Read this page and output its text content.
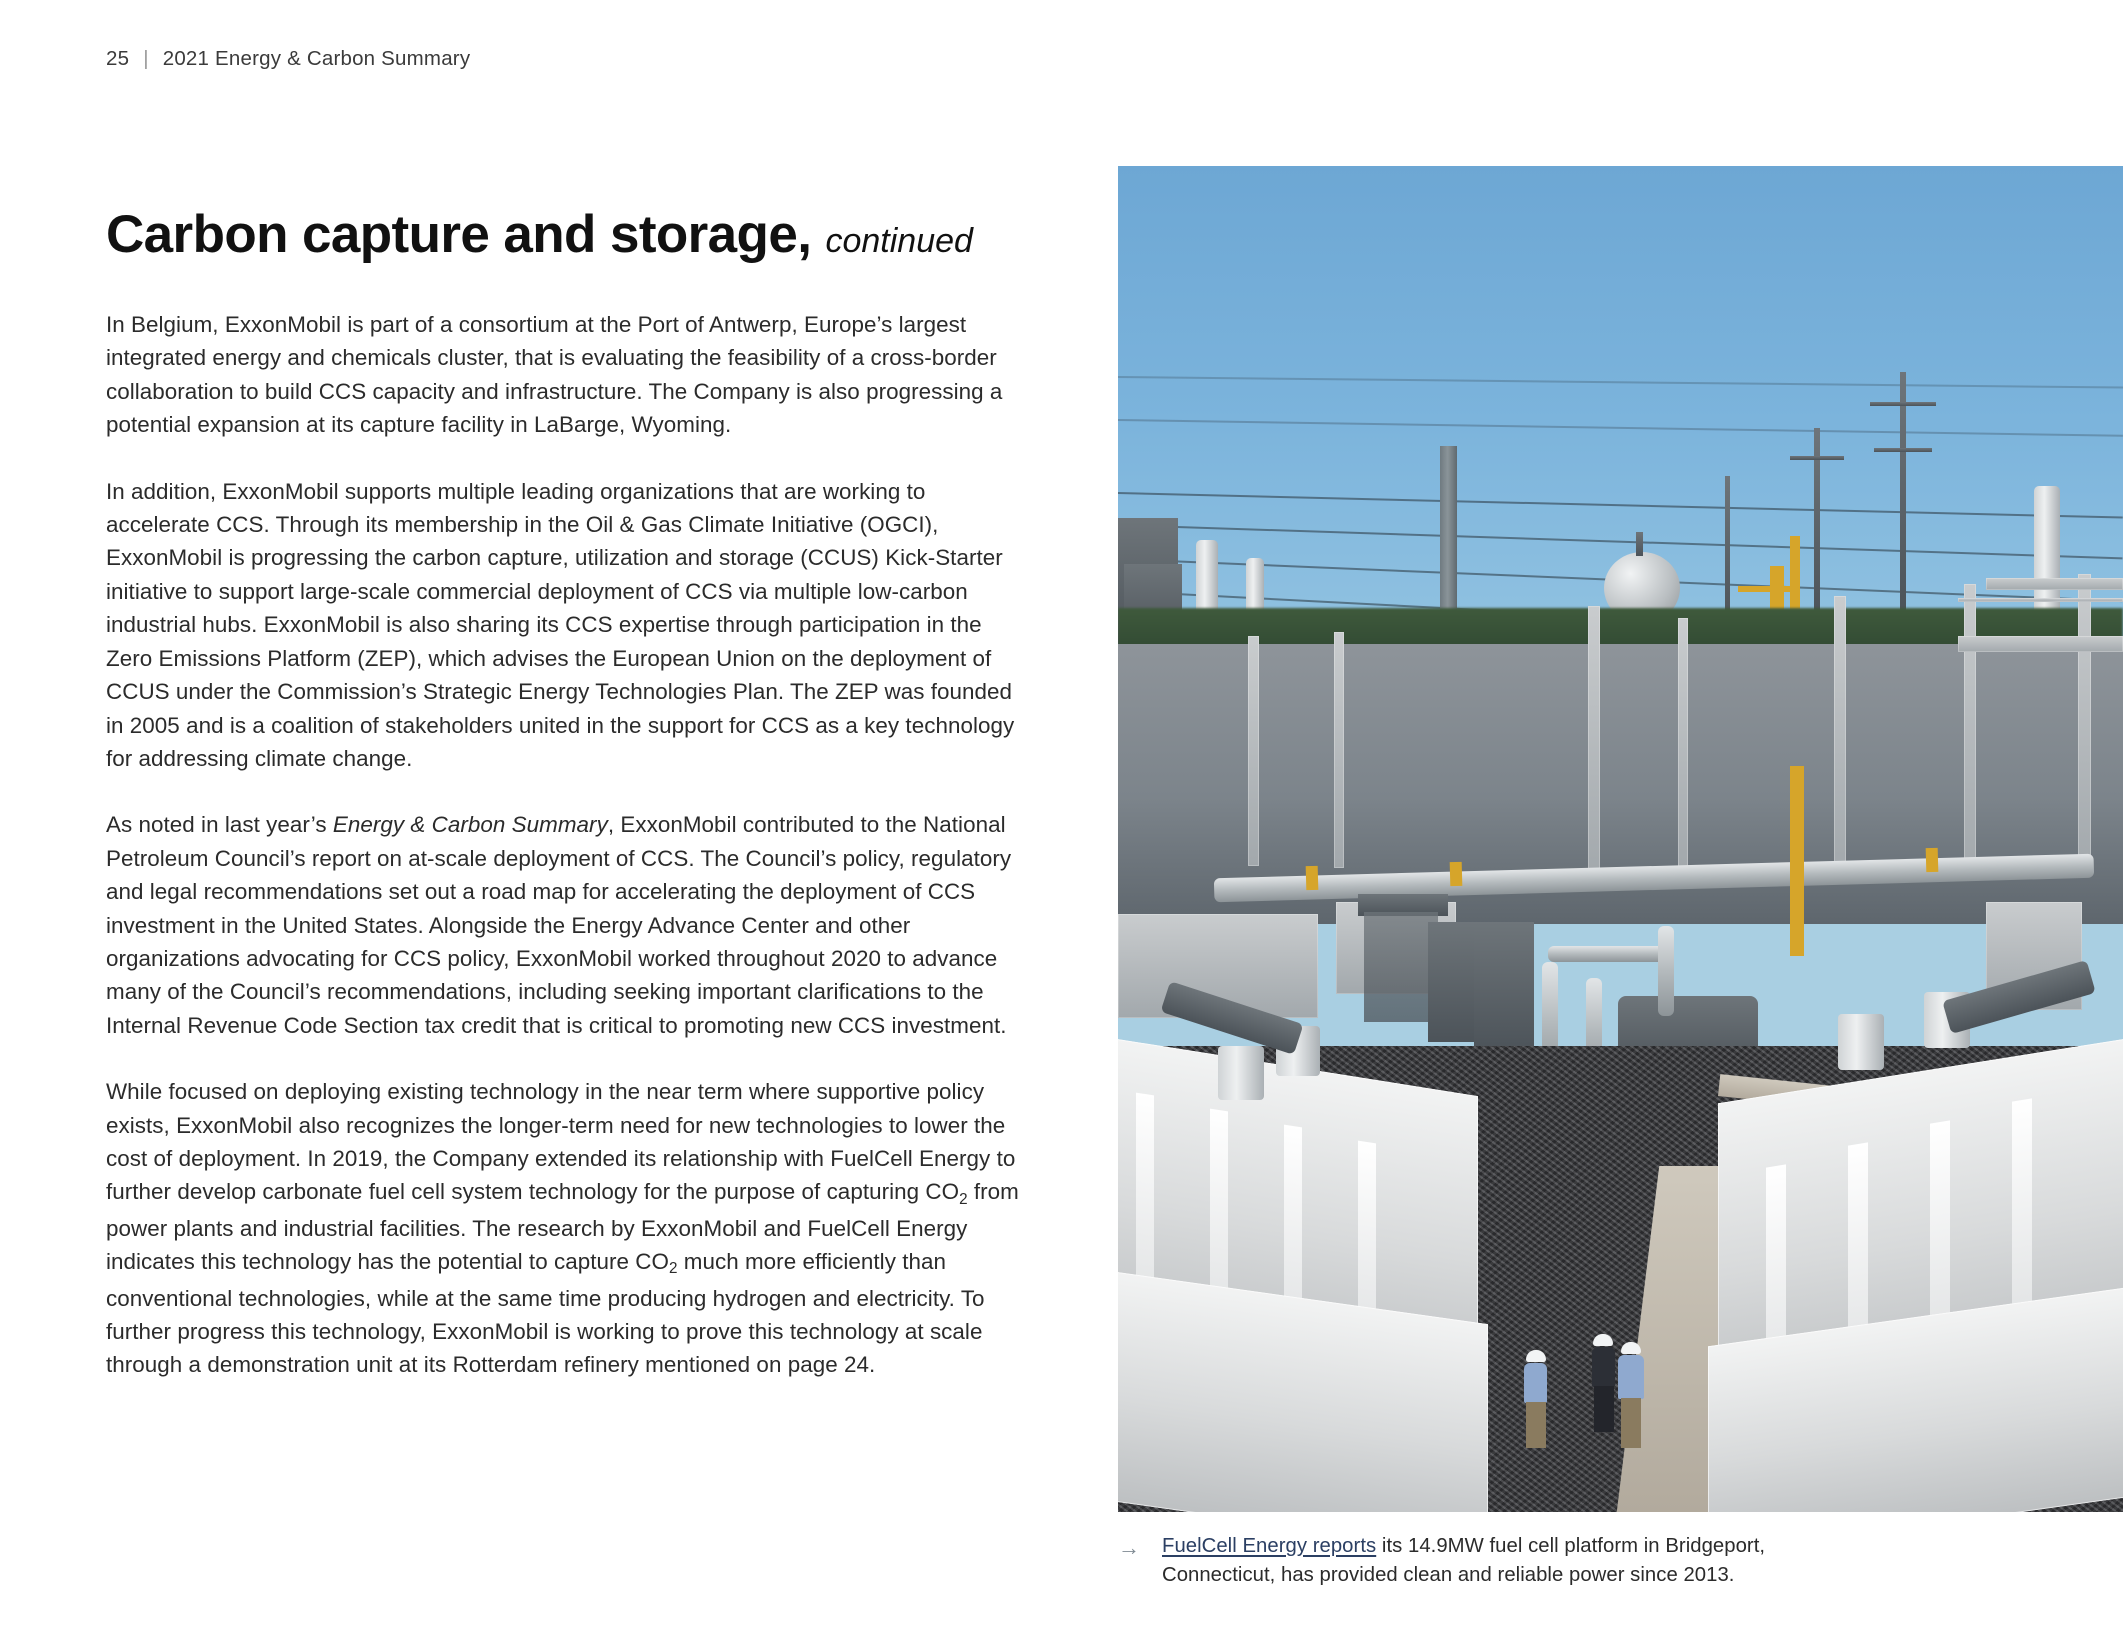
25 | 2021 Energy & Carbon Summary
Carbon capture and storage, continued

In Belgium, ExxonMobil is part of a consortium at the Port of Antwerp, Europe’s largest integrated energy and chemicals cluster, that is evaluating the feasibility of a cross-border collaboration to build CCS capacity and infrastructure. The Company is also progressing a potential expansion at its capture facility in LaBarge, Wyoming.

In addition, ExxonMobil supports multiple leading organizations that are working to accelerate CCS. Through its membership in the Oil & Gas Climate Initiative (OGCI), ExxonMobil is progressing the carbon capture, utilization and storage (CCUS) Kick-Starter initiative to support large-scale commercial deployment of CCS via multiple low-carbon industrial hubs. ExxonMobil is also sharing its CCS expertise through participation in the Zero Emissions Platform (ZEP), which advises the European Union on the deployment of CCUS under the Commission’s Strategic Energy Technologies Plan. The ZEP was founded in 2005 and is a coalition of stakeholders united in the support for CCS as a key technology for addressing climate change.

As noted in last year’s Energy & Carbon Summary, ExxonMobil contributed to the National Petroleum Council’s report on at-scale deployment of CCS. The Council’s policy, regulatory and legal recommendations set out a road map for accelerating the deployment of CCS investment in the United States. Alongside the Energy Advance Center and other organizations advocating for CCS policy, ExxonMobil worked throughout 2020 to advance many of the Council’s recommendations, including seeking important clarifications to the Internal Revenue Code Section tax credit that is critical to promoting new CCS investment.

While focused on deploying existing technology in the near term where supportive policy exists, ExxonMobil also recognizes the longer-term need for new technologies to lower the cost of deployment. In 2019, the Company extended its relationship with FuelCell Energy to further develop carbonate fuel cell system technology for the purpose of capturing $CO_2$ from power plants and industrial facilities. The research by ExxonMobil and FuelCell Energy indicates this technology has the potential to capture $CO_2$ much more efficiently than conventional technologies, while at the same time producing hydrogen and electricity. To further progress this technology, ExxonMobil is working to prove this technology at scale through a demonstration unit at its Rotterdam refinery mentioned on page 24.

→	FuelCell Energy reports its 14.9MW fuel cell platform in Bridgeport,
Connecticut, has provided clean and reliable power since 2013.
